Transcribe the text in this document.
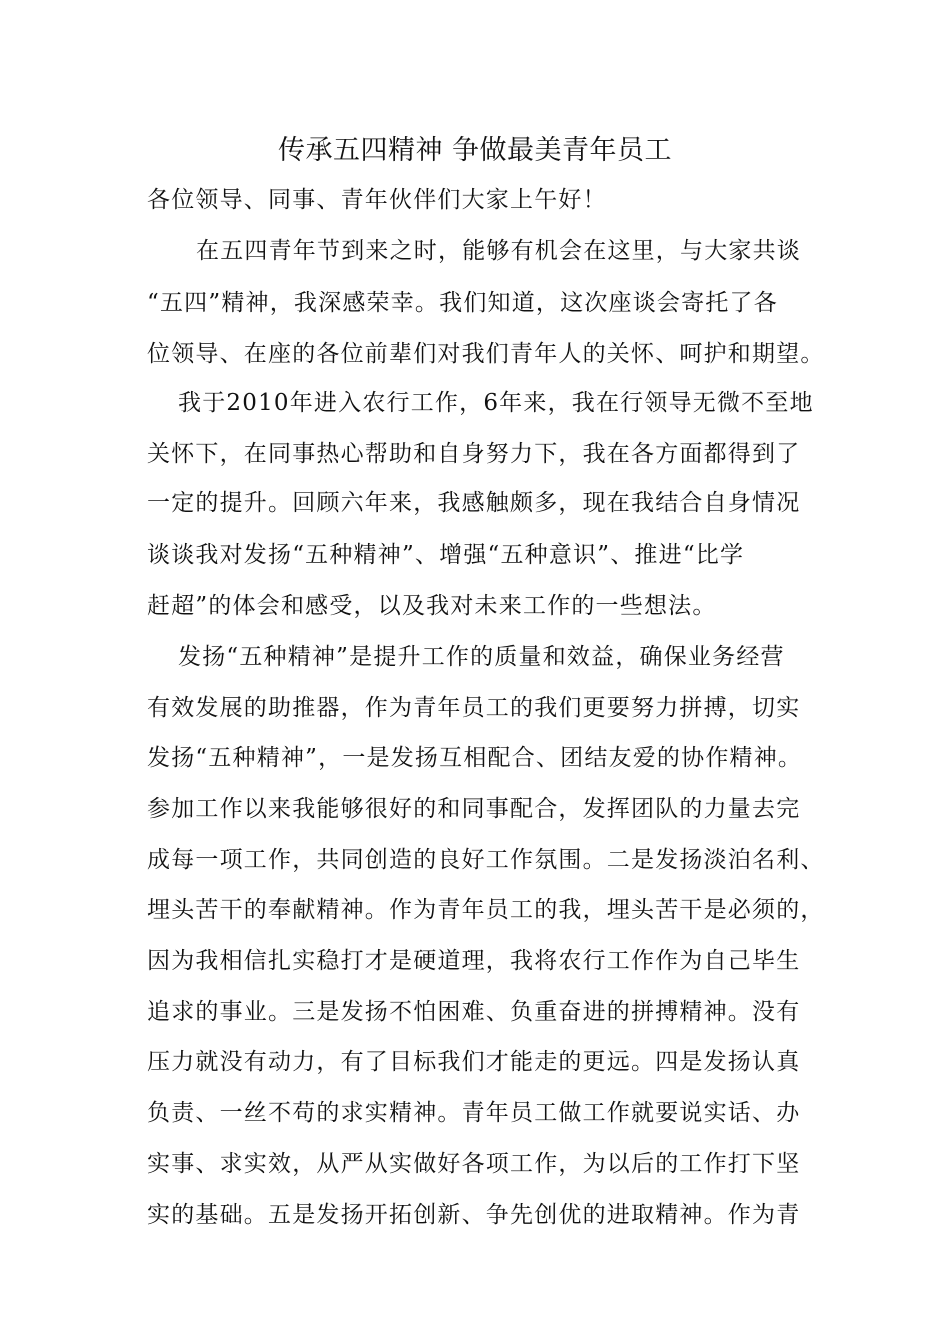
传承五四精神 争做最美青年员工
各位领导、同事、青年伙伴们大家上午好！
在五四青年节到来之时，能够有机会在这里，与大家共谈
“五四”精神，我深感荣幸。我们知道，这次座谈会寄托了各
位领导、在座的各位前辈们对我们青年人的关怀、呵护和期望。
我于2010年进入农行工作，6年来，我在行领导无微不至地
关怀下，在同事热心帮助和自身努力下，我在各方面都得到了
一定的提升。回顾六年来，我感触颇多，现在我结合自身情况
谈谈我对发扬“五种精神”、增强“五种意识”、推进“比学
赶超”的体会和感受，以及我对未来工作的一些想法。
发扬“五种精神”是提升工作的质量和效益，确保业务经营
有效发展的助推器，作为青年员工的我们更要努力拼搏，切实
发扬“五种精神”，一是发扬互相配合、团结友爱的协作精神。
参加工作以来我能够很好的和同事配合，发挥团队的力量去完
成每一项工作，共同创造的良好工作氛围。二是发扬淡泊名利、
埋头苦干的奉献精神。作为青年员工的我，埋头苦干是必须的，
因为我相信扎实稳打才是硬道理，我将农行工作作为自己毕生
追求的事业。三是发扬不怕困难、负重奋进的拼搏精神。没有
压力就没有动力，有了目标我们才能走的更远。四是发扬认真
负责、一丝不苟的求实精神。青年员工做工作就要说实话、办
实事、求实效，从严从实做好各项工作，为以后的工作打下坚
实的基础。五是发扬开拓创新、争先创优的进取精神。作为青
